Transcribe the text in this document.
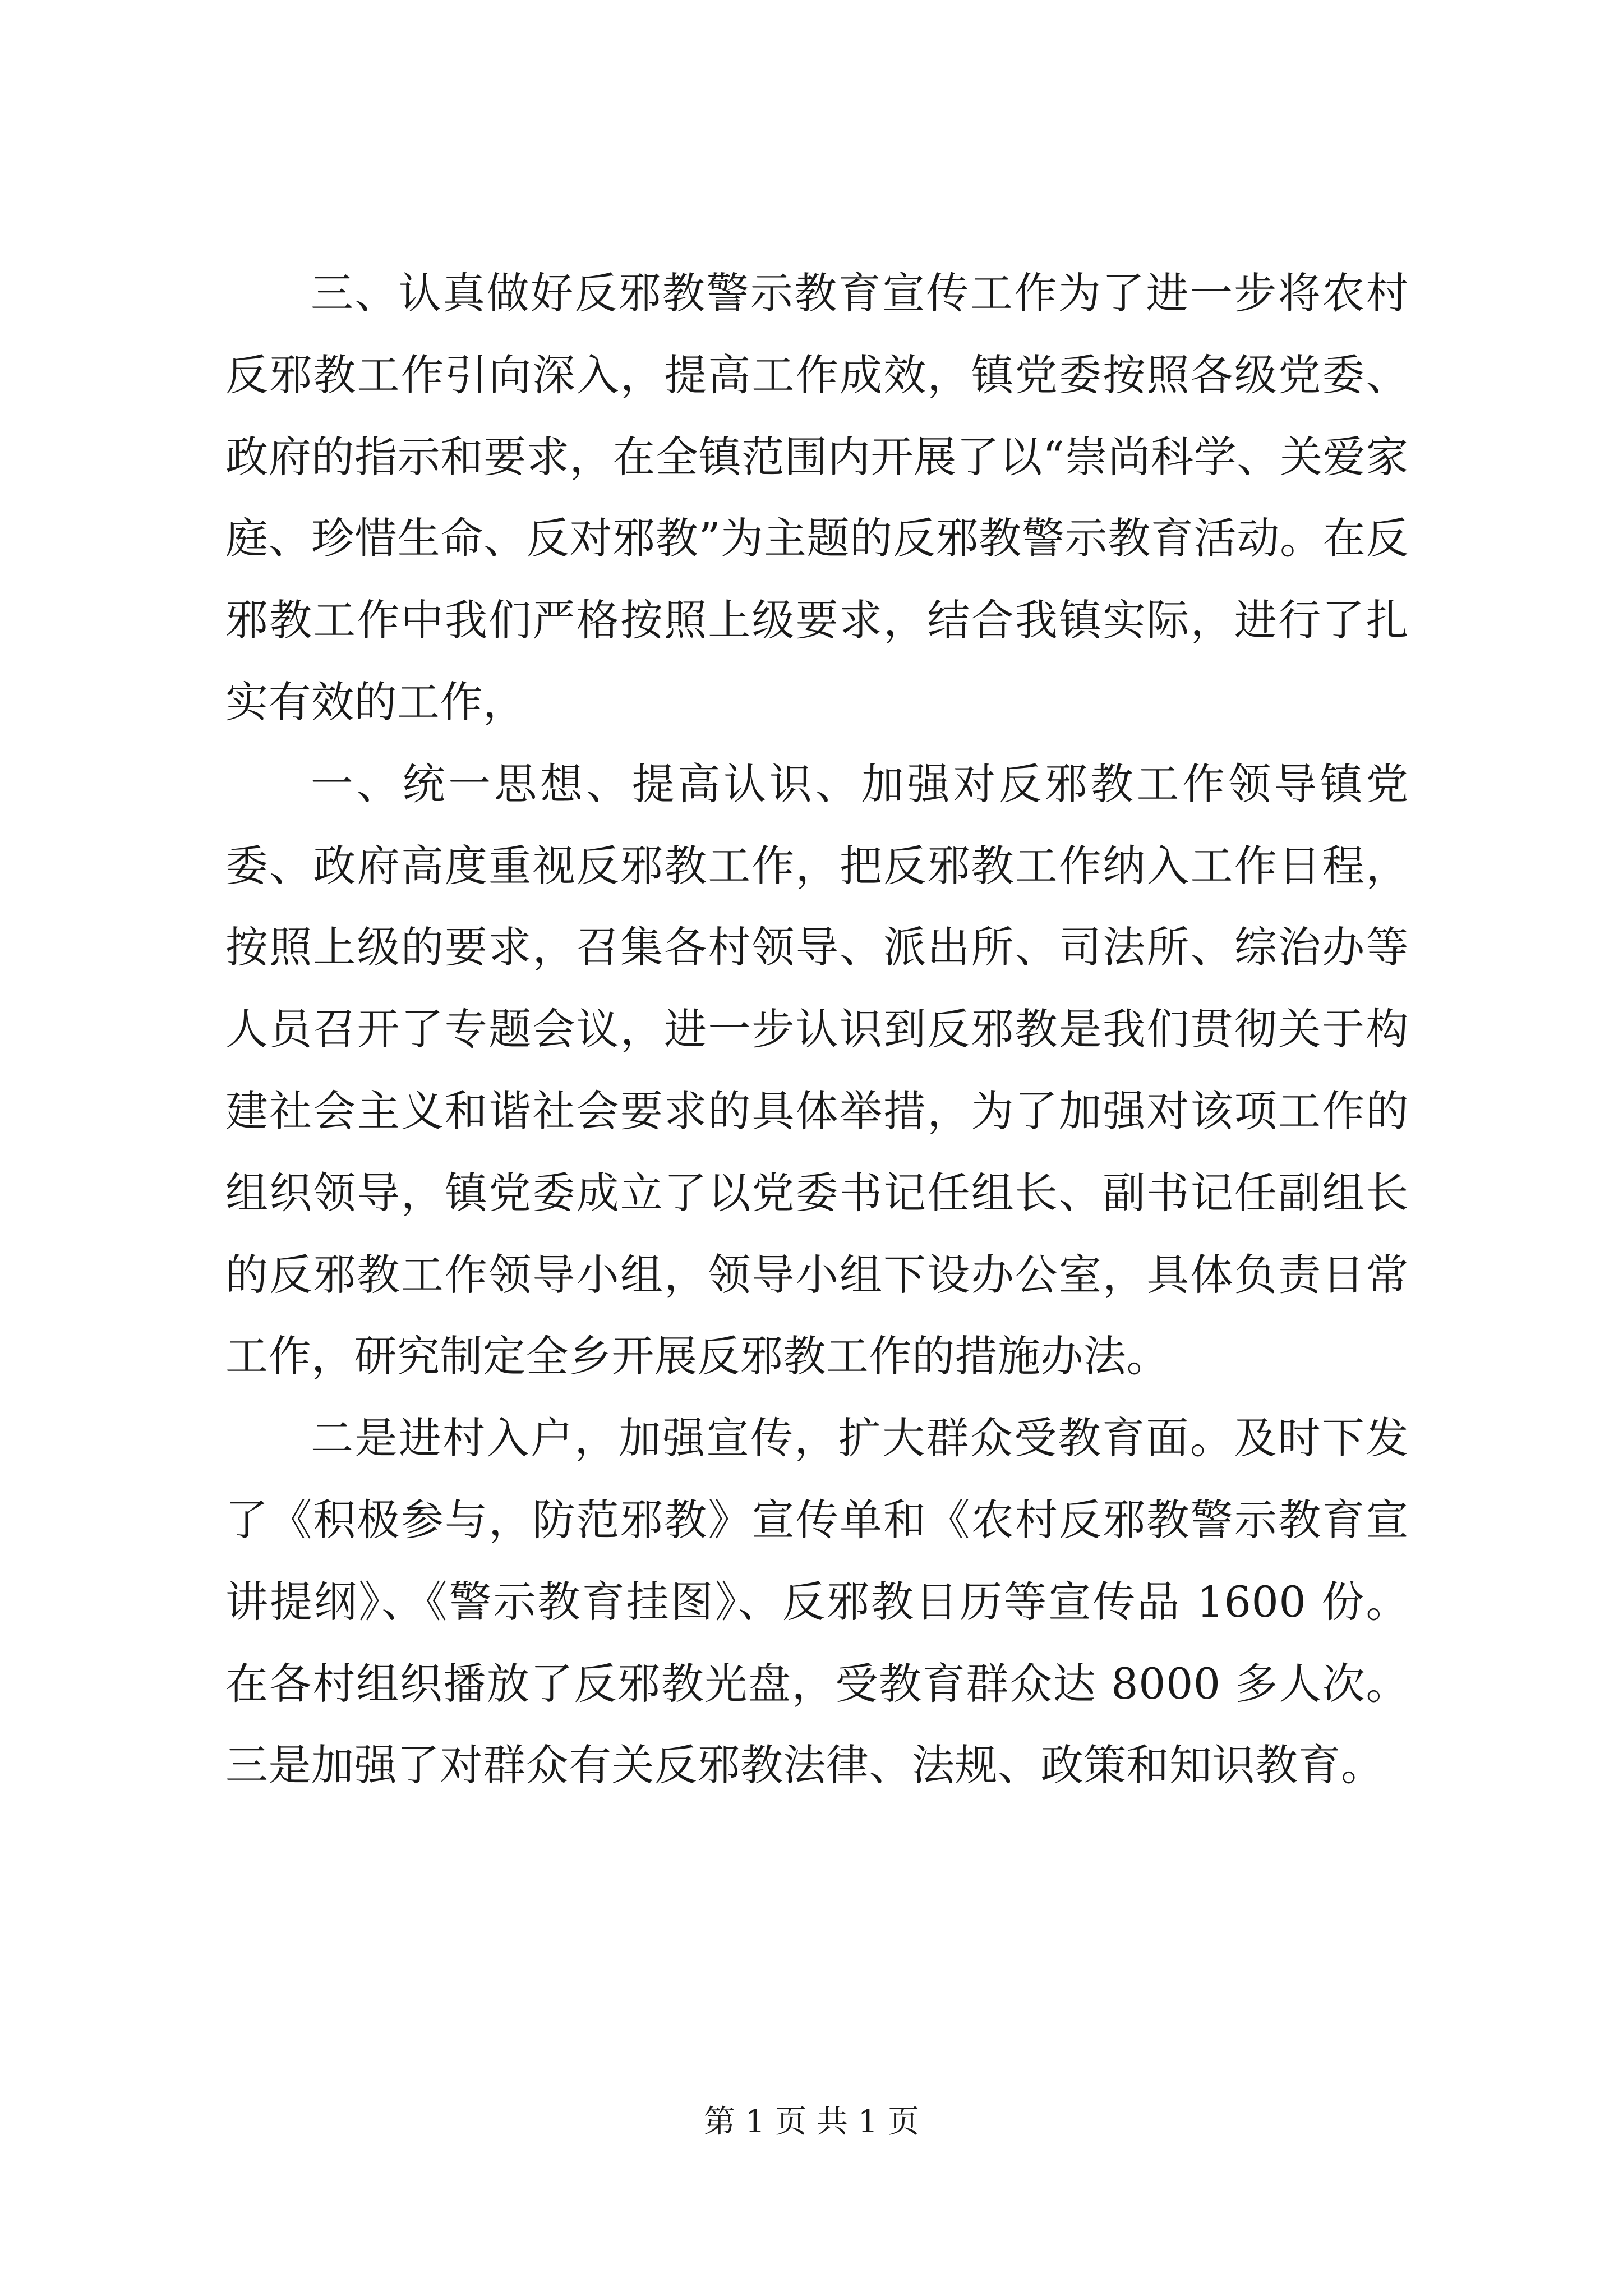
三、认真做好反邪教警示教育宣传工作为了进一步将农村反邪教工作引向深入，提高工作成效，镇党委按照各级党委、政府的指示和要求，在全镇范围内开展了以“崇尚科学、关爱家庭、珍惜生命、反对邪教”为主题的反邪教警示教育活动。在反邪教工作中我们严格按照上级要求，结合我镇实际，进行了扎实有效的工作，

一、统一思想、提高认识、加强对反邪教工作领导镇党委、政府高度重视反邪教工作，把反邪教工作纳入工作日程，按照上级的要求，召集各村领导、派出所、司法所、综治办等人员召开了专题会议，进一步认识到反邪教是我们贯彻关于构建社会主义和谐社会要求的具体举措，为了加强对该项工作的组织领导，镇党委成立了以党委书记任组长、副书记任副组长的反邪教工作领导小组，领导小组下设办公室，具体负责日常工作，研究制定全乡开展反邪教工作的措施办法。

二是进村入户，加强宣传，扩大群众受教育面。及时下发了《积极参与，防范邪教》宣传单和《农村反邪教警示教育宣讲提纲》、《警示教育挂图》、反邪教日历等宣传品 1600 份。在各村组织播放了反邪教光盘，受教育群众达 8000 多人次。三是加强了对群众有关反邪教法律、法规、政策和知识教育。

第 1 页 共 1 页
